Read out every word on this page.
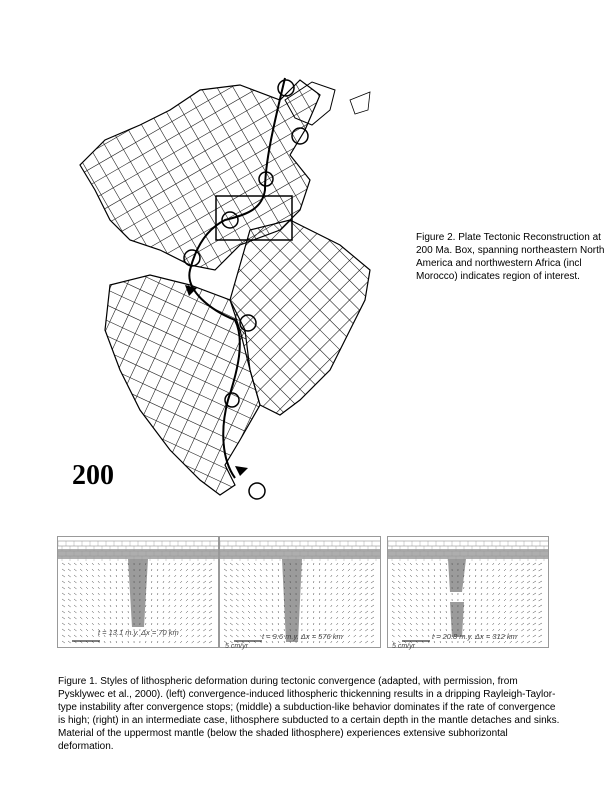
200
Figure 2. Plate Tectonic Reconstruction at 200 Ma. Box, spanning northeastern North America and northwestern Africa (incl Morocco) indicates region of interest.
t = 13.1 m.y. Δx = 70 km	t = 9.6 m.y. Δx = 576 km	t = 20.8 m.y. Δx = 312 km
5 cm/yr	5 cm/yr
Figure 1. Styles of lithospheric deformation during tectonic convergence (adapted, with permission, from Pysklywec et al., 2000). (left) convergence-induced lithospheric thickenning results in a dripping Rayleigh-Taylor-type instability after convergence stops; (middle) a subduction-like behavior dominates if the rate of convergence is high; (right) in an intermediate case, lithosphere subducted to a certain depth in the mantle detaches and sinks. Material of the uppermost mantle (below the shaded lithosphere) experiences extensive subhorizontal deformation.
